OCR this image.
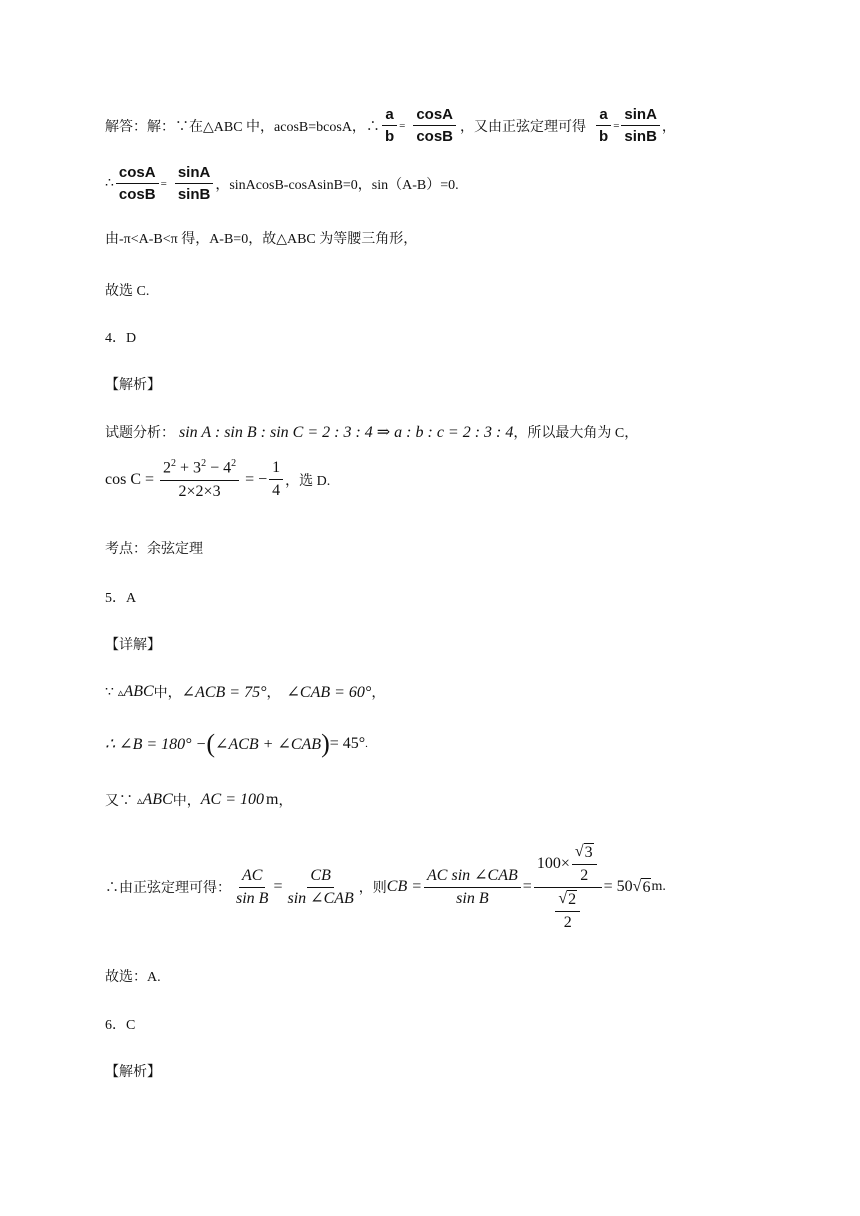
解答：解：∵在△ABC 中，acosB=bcosA，∴ $\frac{a}{b} = \frac{\cos A}{\cos B}$ ，又由正弦定理可得 $\frac{a}{b} = \frac{\sin A}{\sin B}$ ，
∴ $\frac{\cos A}{\cos B} = \frac{\sin A}{\sin B}$ ，sinAcosB-cosAsinB=0，sin（A-B）=0.
由-π<A-B<π 得，A-B=0，故△ABC 为等腰三角形，
故选 C.
4．D
【解析】
试题分析： sin A : sin B : sin C = 2 : 3 : 4 ⇒ a : b : c = 2 : 3 : 4 ，所以最大角为 C，
$\cos C = \frac{2^2 + 3^2 - 4^2}{2\times 2\times 3}$ = − $\frac{1}{4}$ ，选 D.
考点：余弦定理
5．A
【详解】
∵ ▵ ABC 中， ∠ACB = 75° ， ∠CAB = 60° ，
∴ ∠B = 180° − ( ∠ACB + ∠CAB ) = 45° .
又∵ ▵ ABC 中， AC = 100 m ，
∴由正弦定理可得： $\frac{AC}{\text{sin B}} = \frac{CB}{\text{sin ∠CAB}}$ ，则 CB = $\frac{\text{AC sin ∠CAB}}{\text{sin B}} = \frac{100\times \frac{√ 3}{2}}{\frac{√ 2}{2}} = 50$ √ 6 m.
故选：A.
6．C
【解析】
